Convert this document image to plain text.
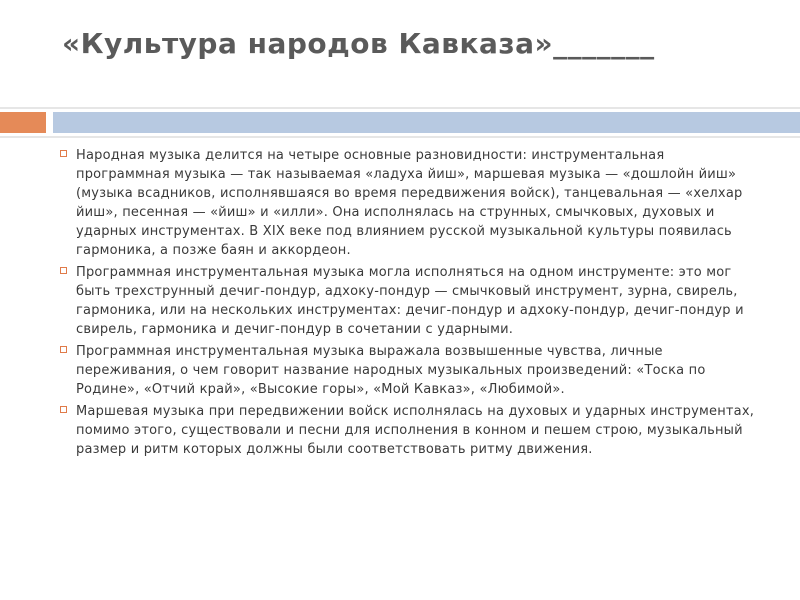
«Культура народов Кавказа»_______

Народная музыка делится на четыре основные разновидности: инструментальная программная музыка — так называемая «ладуха йиш», маршевая музыка — «дошлойн йиш» (музыка всадников, исполнявшаяся во время передвижения войск), танцевальная — «хелхар йиш», песенная — «йиш» и «илли». Она исполнялась на струнных, смычковых, духовых и ударных инструментах. В XIX веке под влиянием русской музыкальной культуры появилась гармоника, а позже баян и аккордеон.

Программная инструментальная музыка могла исполняться на одном инструменте: это мог быть трехструнный дечиг-пондур, адхоку-пондур — смычковый инструмент, зурна, свирель, гармоника, или на нескольких инструментах: дечиг-пондур и адхоку-пондур, дечиг-пондур и свирель, гармоника и дечиг-пондур в сочетании с ударными.

Программная инструментальная музыка выражала возвышенные чувства, личные переживания, о чем говорит название народных музыкальных произведений: «Тоска по Родине», «Отчий край», «Высокие горы», «Мой Кавказ», «Любимой».

Маршевая музыка при передвижении войск исполнялась на духовых и ударных инструментах, помимо этого, существовали и песни для исполнения в конном и пешем строю, музыкальный размер и ритм которых должны были соответствовать ритму движения.
